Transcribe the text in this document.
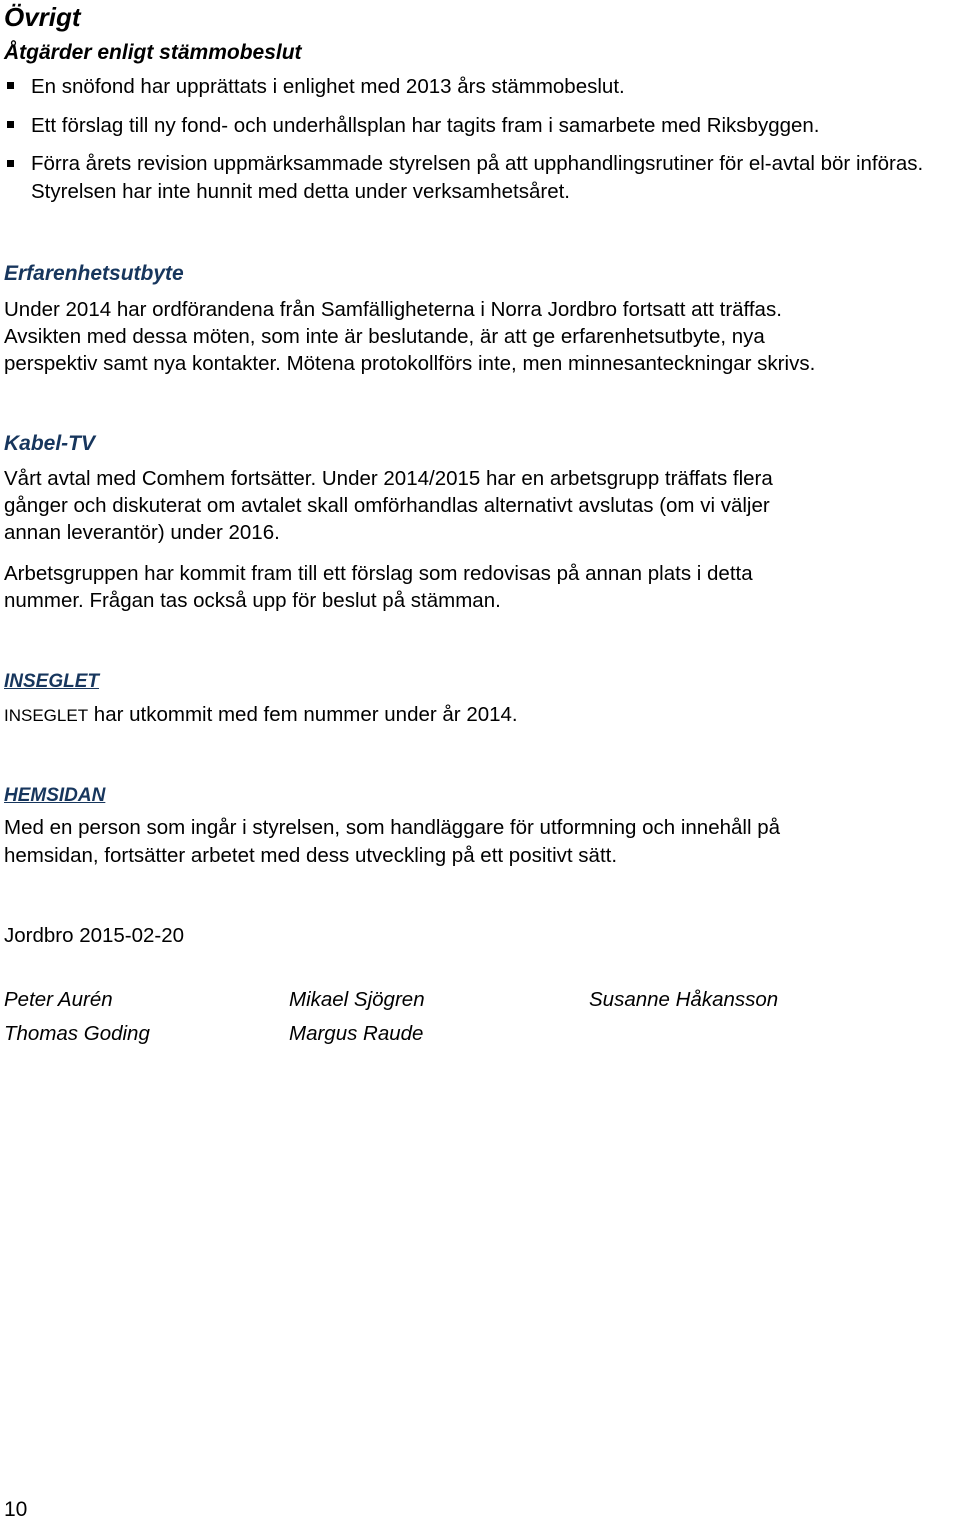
Övrigt
Åtgärder enligt stämmobeslut
En snöfond har upprättats i enlighet med 2013 års stämmobeslut.
Ett förslag till ny fond- och underhållsplan har tagits fram i samarbete med Riksbyggen.
Förra årets revision uppmärksammade styrelsen på att upphandlingsrutiner för el-avtal bör införas. Styrelsen har inte hunnit med detta under verksamhetsåret.
Erfarenhetsutbyte
Under 2014 har ordförandena från Samfälligheterna i Norra Jordbro fortsatt att träffas.
Avsikten med dessa möten, som inte är beslutande, är att ge erfarenhetsutbyte, nya
perspektiv samt nya kontakter. Mötena protokollförs inte, men minnesanteckningar skrivs.
Kabel-TV
Vårt avtal med Comhem fortsätter. Under 2014/2015 har en arbetsgrupp träffats flera
gånger och diskuterat om avtalet skall omförhandlas alternativt avslutas (om vi väljer
annan leverantör) under 2016.
Arbetsgruppen har kommit fram till ett förslag som redovisas på annan plats i detta
nummer. Frågan tas också upp för beslut på stämman.
INSEGLET
INSEGLET har utkommit med fem nummer under år 2014.
HEMSIDAN
Med en person som ingår i styrelsen, som handläggare för utformning och innehåll på
hemsidan, fortsätter arbetet med dess utveckling på ett positivt sätt.
Jordbro 2015-02-20
Peter Aurén	Mikael Sjögren	Susanne Håkansson
Thomas Goding	Margus Raude
10
